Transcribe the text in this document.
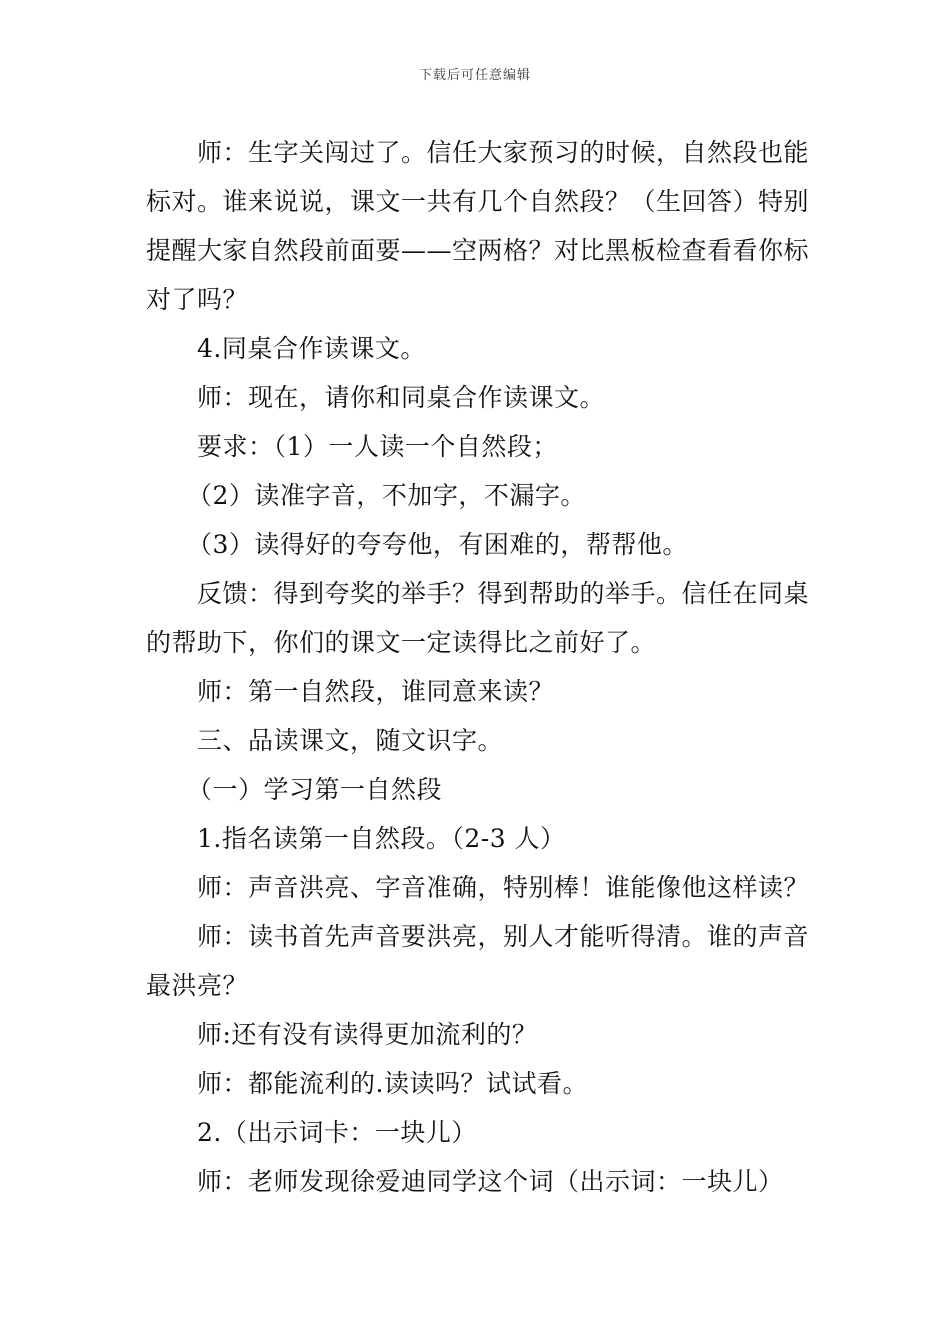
下载后可任意编辑

师：生字关闯过了。信任大家预习的时候，自然段也能标对。谁来说说，课文一共有几个自然段？（生回答）特别提醒大家自然段前面要——空两格？对比黑板检查看看你标对了吗？

4.同桌合作读课文。

师：现在，请你和同桌合作读课文。

要求：（1）一人读一个自然段；

（2）读准字音，不加字，不漏字。

（3）读得好的夸夸他，有困难的，帮帮他。

反馈：得到夸奖的举手？得到帮助的举手。信任在同桌的帮助下，你们的课文一定读得比之前好了。

师：第一自然段，谁同意来读？

三、品读课文，随文识字。

（一）学习第一自然段

1.指名读第一自然段。（2-3 人）

师：声音洪亮、字音准确，特别棒！谁能像他这样读？

师：读书首先声音要洪亮，别人才能听得清。谁的声音最洪亮？

师:还有没有读得更加流利的？

师：都能流利的.读读吗？试试看。

2.（出示词卡：一块儿）

师：老师发现徐爱迪同学这个词（出示词：一块儿）
